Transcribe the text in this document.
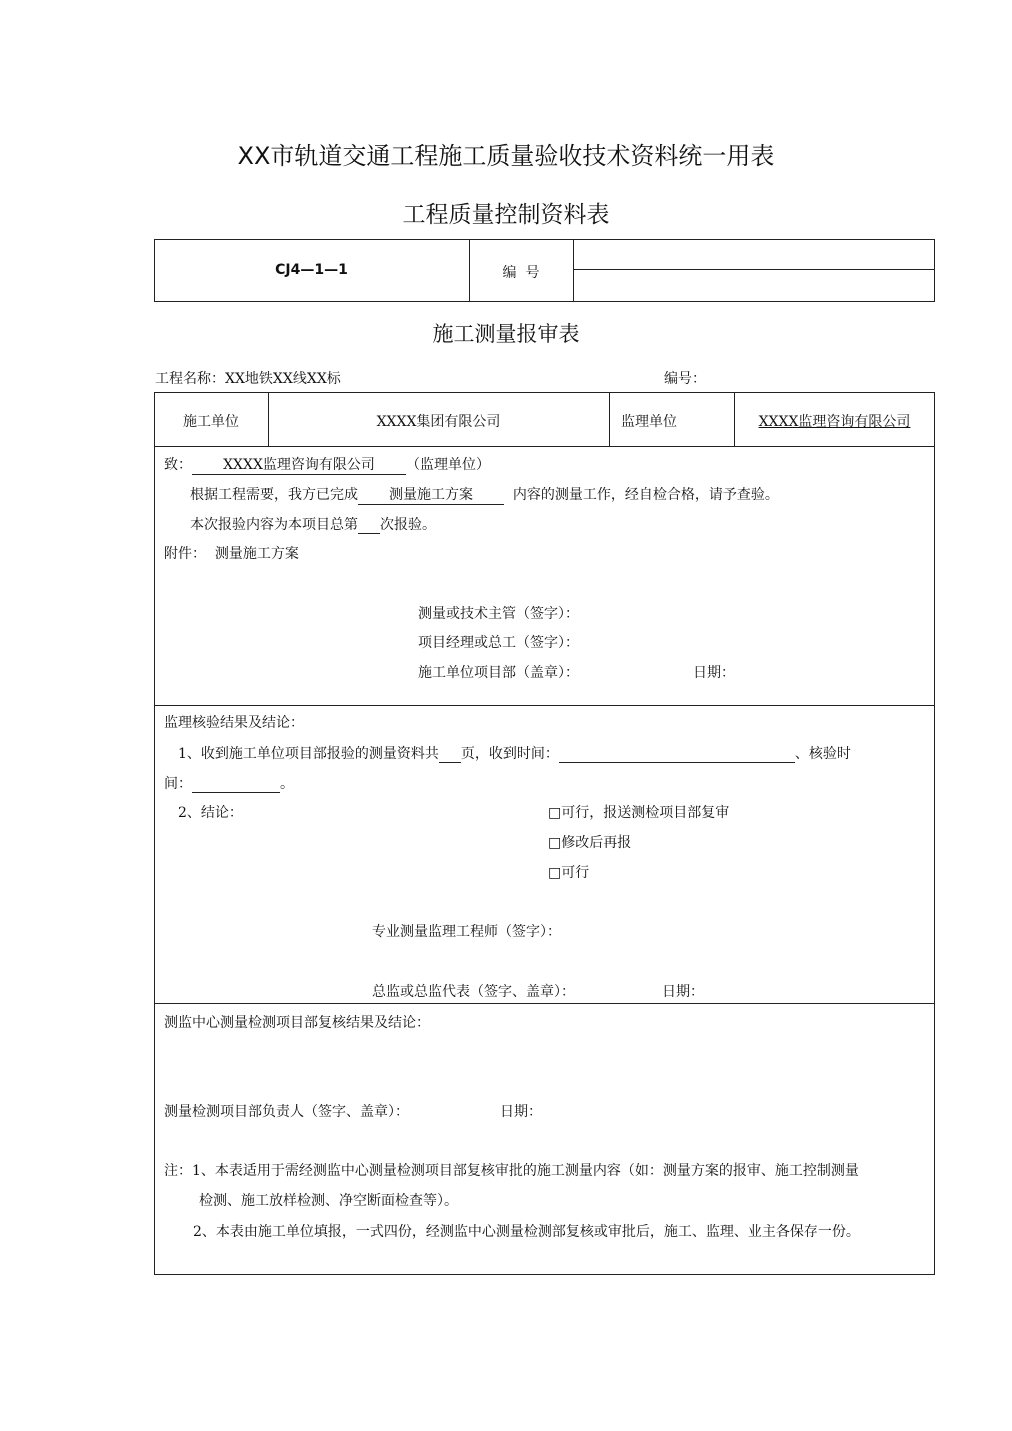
XX市轨道交通工程施工质量验收技术资料统一用表
工程质量控制资料表
CJ4—1—1	编  号
施工测量报审表
工程名称：XX地铁XX线XX标	编号：
施工单位	XXXX集团有限公司	监理单位	XXXX监理咨询有限公司
致： XXXX监理咨询有限公司 （监理单位）
根据工程需要，我方已完成 测量施工方案	内容的测量工作，经自检合格，请予查验。
本次报验内容为本项目总第 次报验。
附件：  测量施工方案
测量或技术主管（签字）：
项目经理或总工（签字）：
施工单位项目部（盖章）：	日期：
监理核验结果及结论：
1、收到施工单位项目部报验的测量资料共 页，收到时间：	、核验时
间：	。
2、结论：	□可行，报送测检项目部复审
□修改后再报
□可行
专业测量监理工程师（签字）：
总监或总监代表（签字、盖章）：	日期：
测监中心测量检测项目部复核结果及结论：
测量检测项目部负责人（签字、盖章）：	日期：
注：1、本表适用于需经测监中心测量检测项目部复核审批的施工测量内容（如：测量方案的报审、施工控制测量
检测、施工放样检测、净空断面检查等）。
2、本表由施工单位填报，一式四份，经测监中心测量检测部复核或审批后，施工、监理、业主各保存一份。
